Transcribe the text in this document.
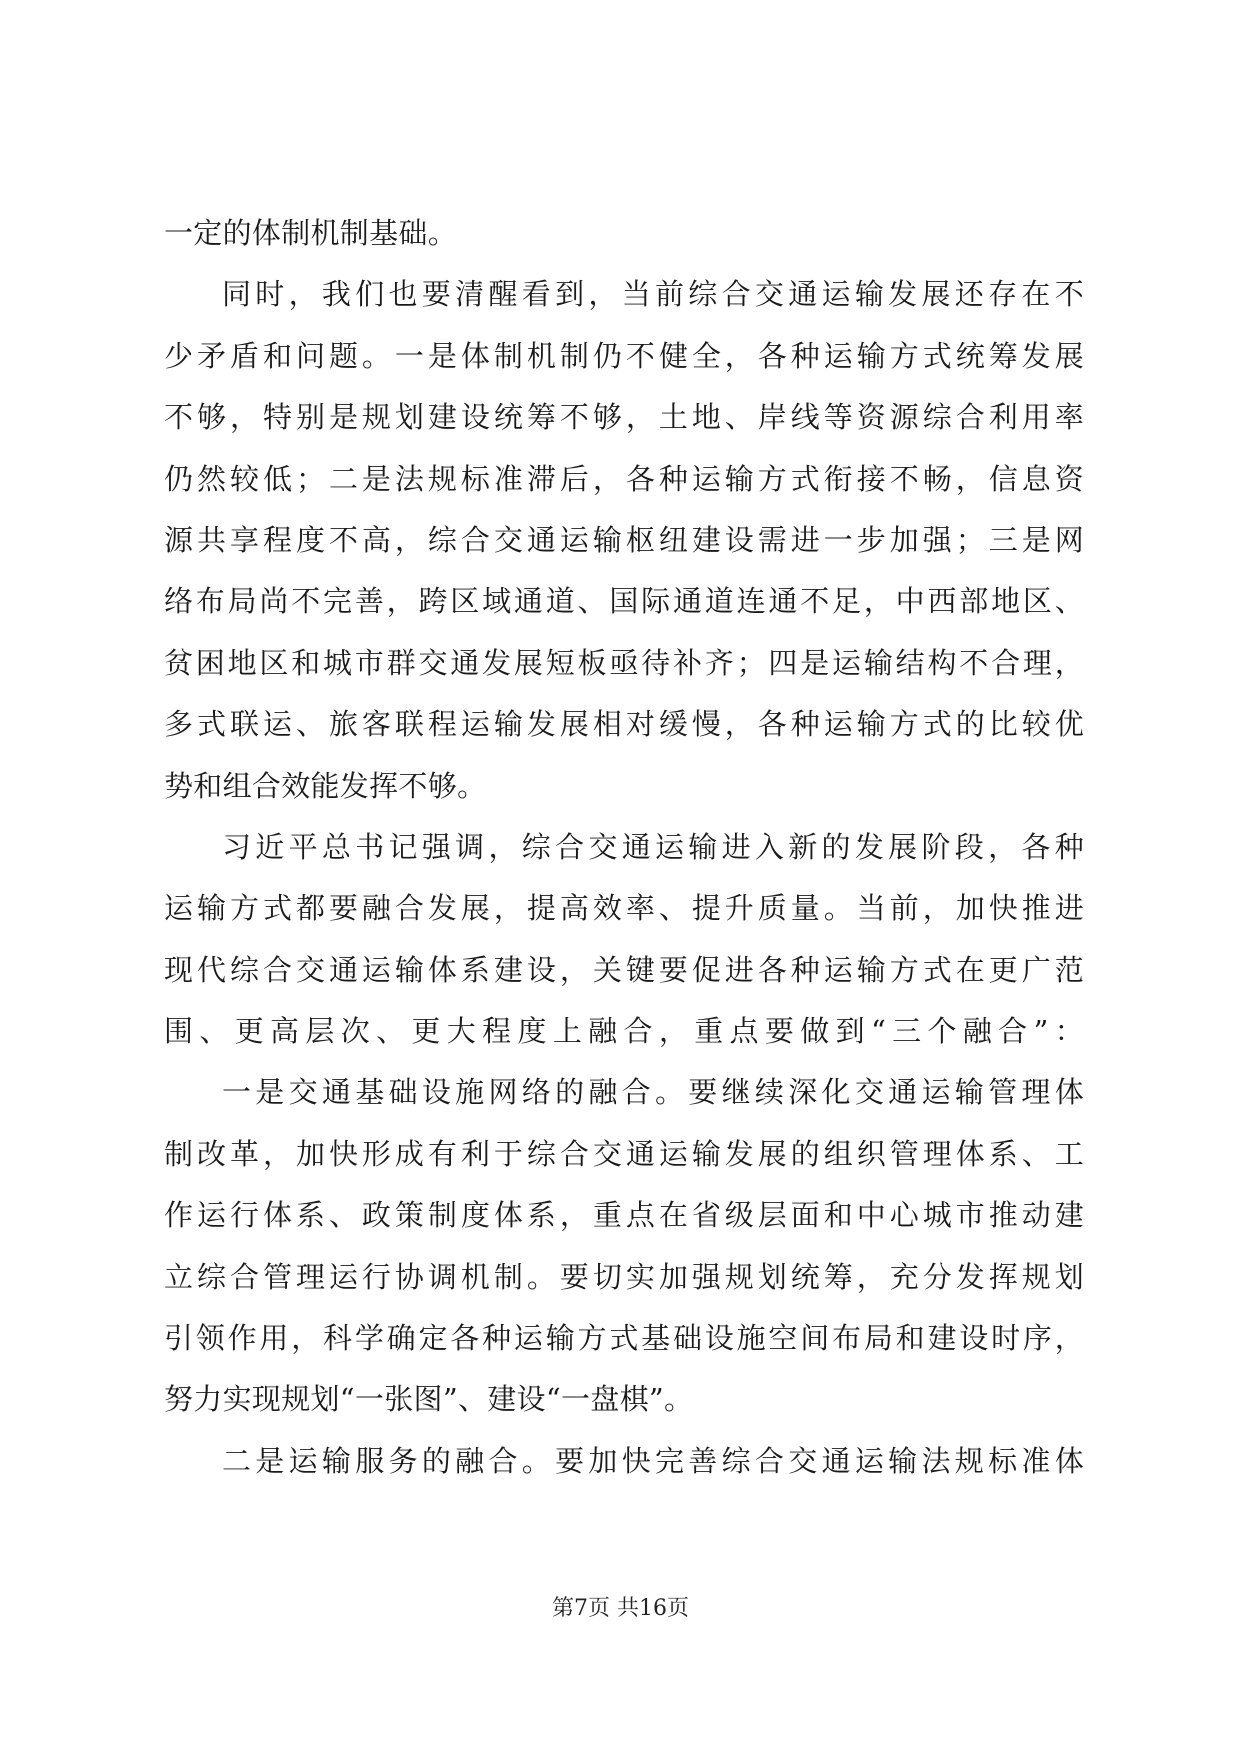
一定的体制机制基础。
同时，我们也要清醒看到，当前综合交通运输发展还存在不
少矛盾和问题。一是体制机制仍不健全，各种运输方式统筹发展
不够，特别是规划建设统筹不够，土地、岸线等资源综合利用率
仍然较低；二是法规标准滞后，各种运输方式衔接不畅，信息资
源共享程度不高，综合交通运输枢纽建设需进一步加强；三是网
络布局尚不完善，跨区域通道、国际通道连通不足，中西部地区、
贫困地区和城市群交通发展短板亟待补齐；四是运输结构不合理，
多式联运、旅客联程运输发展相对缓慢，各种运输方式的比较优
势和组合效能发挥不够。
习近平总书记强调，综合交通运输进入新的发展阶段，各种
运输方式都要融合发展，提高效率、提升质量。当前，加快推进
现代综合交通运输体系建设，关键要促进各种运输方式在更广范
围、更高层次、更大程度上融合，重点要做到“三个融合”：
一是交通基础设施网络的融合。要继续深化交通运输管理体
制改革，加快形成有利于综合交通运输发展的组织管理体系、工
作运行体系、政策制度体系，重点在省级层面和中心城市推动建
立综合管理运行协调机制。要切实加强规划统筹，充分发挥规划
引领作用，科学确定各种运输方式基础设施空间布局和建设时序，
努力实现规划“一张图”、建设“一盘棋”。
二是运输服务的融合。要加快完善综合交通运输法规标准体
第7页 共16页
